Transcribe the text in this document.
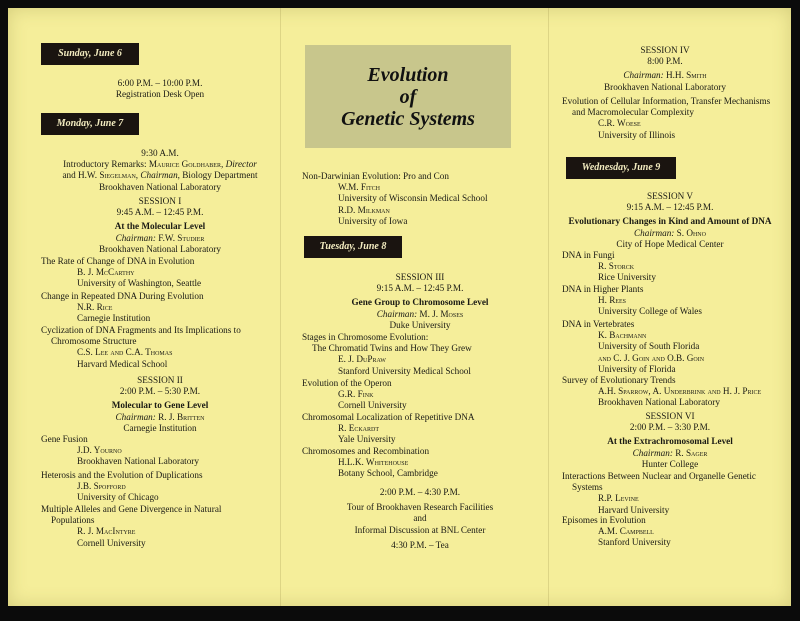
Sunday, June 6

6:00 P.M. – 10:00 P.M.

Registration Desk Open

Monday, June 7

9:30 A.M.

Introductory Remarks: Maurice Goldhaber, Director

and H.W. Siegelman, Chairman, Biology Department

Brookhaven National Laboratory

SESSION I

9:45 A.M. – 12:45 P.M.

At the Molecular Level

Chairman: F.W. Studier

Brookhaven National Laboratory

The Rate of Change of DNA in Evolution

B. J. McCarthy

University of Washington, Seattle

Change in Repeated DNA During Evolution

N.R. Rice

Carnegie Institution

Cyclization of DNA Fragments and Its Implications to

Chromosome Structure

C.S. Lee and C.A. Thomas

Harvard Medical School

SESSION II

2:00 P.M. – 5:30 P.M.

Molecular to Gene Level

Chairman: R. J. Britten

Carnegie Institution

Gene Fusion

J.D. Yourno

Brookhaven National Laboratory

Heterosis and the Evolution of Duplications

J.B. Spofford

University of Chicago

Multiple Alleles and Gene Divergence in Natural

Populations

R. J. MacIntyre

Cornell University

Evolution
of
Genetic Systems

Non-Darwinian Evolution: Pro and Con

W.M. Fitch

University of Wisconsin Medical School

R.D. Milkman

University of Iowa

Tuesday, June 8

SESSION III

9:15 A.M. – 12:45 P.M.

Gene Group to Chromosome Level

Chairman: M. J. Moses

Duke University

Stages in Chromosome Evolution:

The Chromatid Twins and How They Grew

E. J. DuPraw

Stanford University Medical School

Evolution of the Operon

G.R. Fink

Cornell University

Chromosomal Localization of Repetitive DNA

R. Eckardt

Yale University

Chromosomes and Recombination

H.L.K. Whitehouse

Botany School, Cambridge

2:00 P.M. – 4:30 P.M.

Tour of Brookhaven Research Facilities

and

Informal Discussion at BNL Center

4:30 P.M. – Tea

SESSION IV

8:00 P.M.

Chairman: H.H. Smith

Brookhaven National Laboratory

Evolution of Cellular Information, Transfer Mechanisms

and Macromolecular Complexity

C.R. Woese

University of Illinois

Wednesday, June 9

SESSION V

9:15 A.M. – 12:45 P.M.

Evolutionary Changes in Kind and Amount of DNA

Chairman: S. Ohno

City of Hope Medical Center

DNA in Fungi

R. Storck

Rice University

DNA in Higher Plants

H. Rees

University College of Wales

DNA in Vertebrates

K. Bachmann

University of South Florida

and C. J. Goin and O.B. Goin

University of Florida

Survey of Evolutionary Trends

A.H. Sparrow, A. Underbrink and H. J. Price

Brookhaven National Laboratory

SESSION VI

2:00 P.M. – 3:30 P.M.

At the Extrachromosomal Level

Chairman: R. Sager

Hunter College

Interactions Between Nuclear and Organelle Genetic

Systems

R.P. Levine

Harvard University

Episomes in Evolution

A.M. Campbell

Stanford University
